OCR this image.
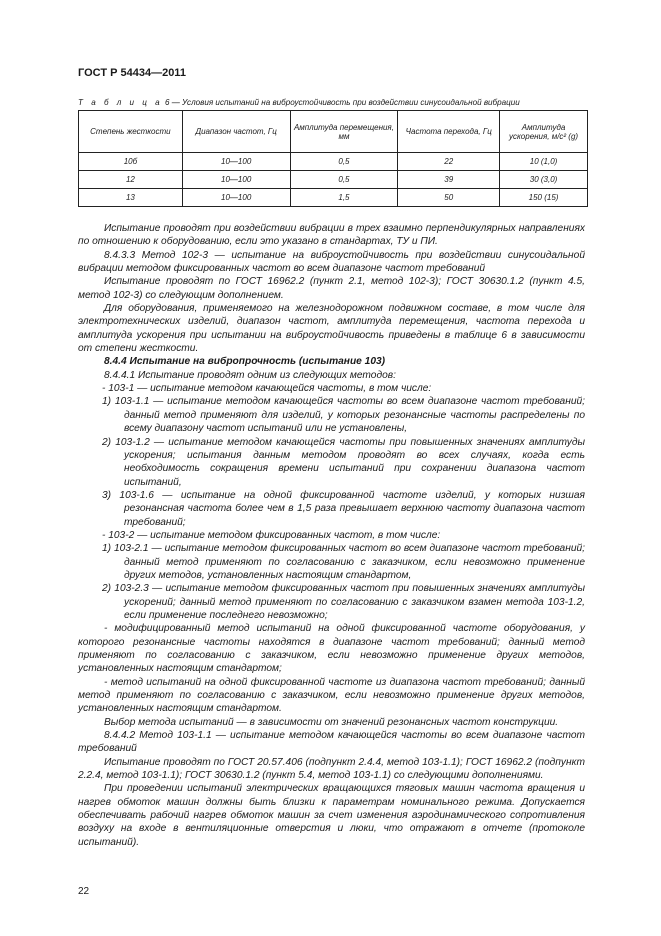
ГОСТ Р 54434—2011
Т а б л и ц а 6 — Условия испытаний на виброустойчивость при воздействии синусоидальной вибрации
Степень жесткости	Диапазон частот, Гц	Амплитуда перемещения, мм	Частота перехода, Гц	Амплитуда ускорения, м/с² (g)
10б	10—100	0,5	22	10 (1,0)
12	10—100	0,5	39	30 (3,0)
13	10—100	1,5	50	150 (15)

Испытание проводят при воздействии вибрации в трех взаимно перпендикулярных направлениях по отношению к оборудованию, если это указано в стандартах, ТУ и ПИ.

8.4.3.3 Метод 102-3 — испытание на виброустойчивость при воздействии синусоидальной вибрации методом фиксированных частот во всем диапазоне частот требований

Испытание проводят по ГОСТ 16962.2 (пункт 2.1, метод 102-3); ГОСТ 30630.1.2 (пункт 4.5, метод 102-3) со следующим дополнением.

Для оборудования, применяемого на железнодорожном подвижном составе, в том числе для электротехнических изделий, диапазон частот, амплитуда перемещения, частота перехода и амплитуда ускорения при испытании на виброустойчивость приведены в таблице 6 в зависимости от степени жесткости.

8.4.4 Испытание на вибропрочность (испытание 103)

8.4.4.1 Испытание проводят одним из следующих методов:

- 103-1 — испытание методом качающейся частоты, в том числе:

1) 103-1.1 — испытание методом качающейся частоты во всем диапазоне частот требований; данный метод применяют для изделий, у которых резонансные частоты распределены по всему диапазону частот испытаний или не установлены,

2) 103-1.2 — испытание методом качающейся частоты при повышенных значениях амплитуды ускорения; испытания данным методом проводят во всех случаях, когда есть необходимость сокращения времени испытаний при сохранении диапазона частот испытаний,

3) 103-1.6 — испытание на одной фиксированной частоте изделий, у которых низшая резонансная частота более чем в 1,5 раза превышает верхнюю частоту диапазона частот требований;

- 103-2 — испытание методом фиксированных частот, в том числе:

1) 103-2.1 — испытание методом фиксированных частот во всем диапазоне частот требований; данный метод применяют по согласованию с заказчиком, если невозможно применение других методов, установленных настоящим стандартом,

2) 103-2.3 — испытание методом фиксированных частот при повышенных значениях амплитуды ускорений; данный метод применяют по согласованию с заказчиком взамен метода 103-1.2, если применение последнего невозможно;

- модифицированный метод испытаний на одной фиксированной частоте оборудования, у которого резонансные частоты находятся в диапазоне частот требований; данный метод применяют по согласованию с заказчиком, если невозможно применение других методов, установленных настоящим стандартом;

- метод испытаний на одной фиксированной частоте из диапазона частот требований; данный метод применяют по согласованию с заказчиком, если невозможно применение других методов, установленных настоящим стандартом.

Выбор метода испытаний — в зависимости от значений резонансных частот конструкции.

8.4.4.2 Метод 103-1.1 — испытание методом качающейся частоты во всем диапазоне частот требований

Испытание проводят по ГОСТ 20.57.406 (подпункт 2.4.4, метод 103-1.1); ГОСТ 16962.2 (подпункт 2.2.4, метод 103-1.1); ГОСТ 30630.1.2 (пункт 5.4, метод 103-1.1) со следующими дополнениями.

При проведении испытаний электрических вращающихся тяговых машин частота вращения и нагрев обмоток машин должны быть близки к параметрам номинального режима. Допускается обеспечивать рабочий нагрев обмоток машин за счет изменения аэродинамического сопротивления воздуху на входе в вентиляционные отверстия и люки, что отражают в отчете (протоколе испытаний).

22
